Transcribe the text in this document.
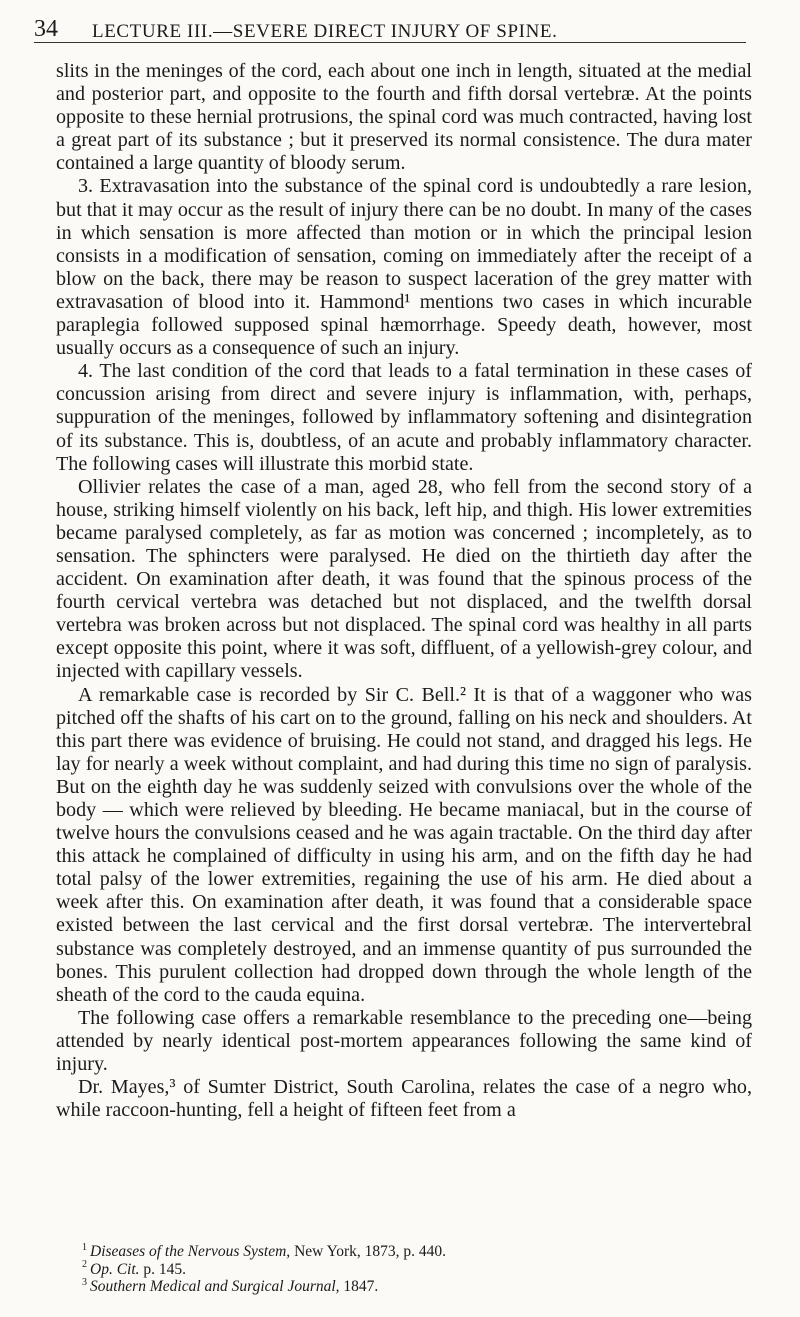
34 LECTURE III.—SEVERE DIRECT INJURY OF SPINE.

slits in the meninges of the cord, each about one inch in length, situated at the medial and posterior part, and opposite to the fourth and fifth dorsal vertebræ. At the points opposite to these hernial protrusions, the spinal cord was much contracted, having lost a great part of its substance ; but it preserved its normal consistence. The dura mater contained a large quantity of bloody serum.

3. Extravasation into the substance of the spinal cord is undoubtedly a rare lesion, but that it may occur as the result of injury there can be no doubt. In many of the cases in which sensation is more affected than motion or in which the principal lesion consists in a modification of sensation, coming on immediately after the receipt of a blow on the back, there may be reason to suspect laceration of the grey matter with extravasation of blood into it. Hammond¹ mentions two cases in which incurable paraplegia followed supposed spinal hæmorrhage. Speedy death, however, most usually occurs as a consequence of such an injury.

4. The last condition of the cord that leads to a fatal termination in these cases of concussion arising from direct and severe injury is inflammation, with, perhaps, suppuration of the meninges, followed by inflammatory softening and disintegration of its substance. This is, doubtless, of an acute and probably inflammatory character. The following cases will illustrate this morbid state.

Ollivier relates the case of a man, aged 28, who fell from the second story of a house, striking himself violently on his back, left hip, and thigh. His lower extremities became paralysed completely, as far as motion was concerned ; incompletely, as to sensation. The sphincters were paralysed. He died on the thirtieth day after the accident. On examination after death, it was found that the spinous process of the fourth cervical vertebra was detached but not displaced, and the twelfth dorsal vertebra was broken across but not displaced. The spinal cord was healthy in all parts except opposite this point, where it was soft, diffluent, of a yellowish-grey colour, and injected with capillary vessels.

A remarkable case is recorded by Sir C. Bell.² It is that of a waggoner who was pitched off the shafts of his cart on to the ground, falling on his neck and shoulders. At this part there was evidence of bruising. He could not stand, and dragged his legs. He lay for nearly a week without complaint, and had during this time no sign of paralysis. But on the eighth day he was suddenly seized with convulsions over the whole of the body — which were relieved by bleeding. He became maniacal, but in the course of twelve hours the convulsions ceased and he was again tractable. On the third day after this attack he complained of difficulty in using his arm, and on the fifth day he had total palsy of the lower extremities, regaining the use of his arm. He died about a week after this. On examination after death, it was found that a considerable space existed between the last cervical and the first dorsal vertebræ. The intervertebral substance was completely destroyed, and an immense quantity of pus surrounded the bones. This purulent collection had dropped down through the whole length of the sheath of the cord to the cauda equina.

The following case offers a remarkable resemblance to the preceding one—being attended by nearly identical post-mortem appearances following the same kind of injury.

Dr. Mayes,³ of Sumter District, South Carolina, relates the case of a negro who, while raccoon-hunting, fell a height of fifteen feet from a

$^1$ Diseases of the Nervous System, New York, 1873, p. 440.
$^2$ Op. Cit. p. 145.
$^3$ Southern Medical and Surgical Journal, 1847.
